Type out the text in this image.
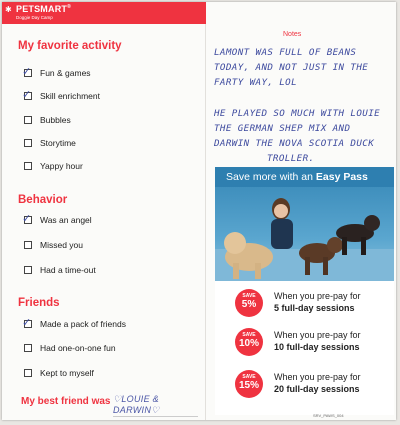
✱ PETSMART®
Doggie Day Camp
My favorite activity
✓ Fun & games
✓ Skill enrichment
Bubbles
Storytime
Yappy hour
Behavior
✓ Was an angel
Missed you
Had a time-out
Friends
✓ Made a pack of friends
Had one-on-one fun
Kept to myself
My best friend was ♡LOUIE & DARWIN♡
Notes
LAMONT WAS FULL OF BEANS
TODAY, AND NOT JUST IN THE
FARTY WAY, LOL
HE PLAYED SO MUCH WITH LOUIE
THE GERMAN SHEP MIX AND
DARWIN THE NOVA SCOTIA DUCK
TROLLER.
Save more with an Easy Pass
SAVE
5%
When you pre-pay for
5 full-day sessions
SAVE
10%
When you pre-pay for
10 full-day sessions
SAVE
15%
When you pre-pay for
20 full-day sessions
SRV_PAWS_004
